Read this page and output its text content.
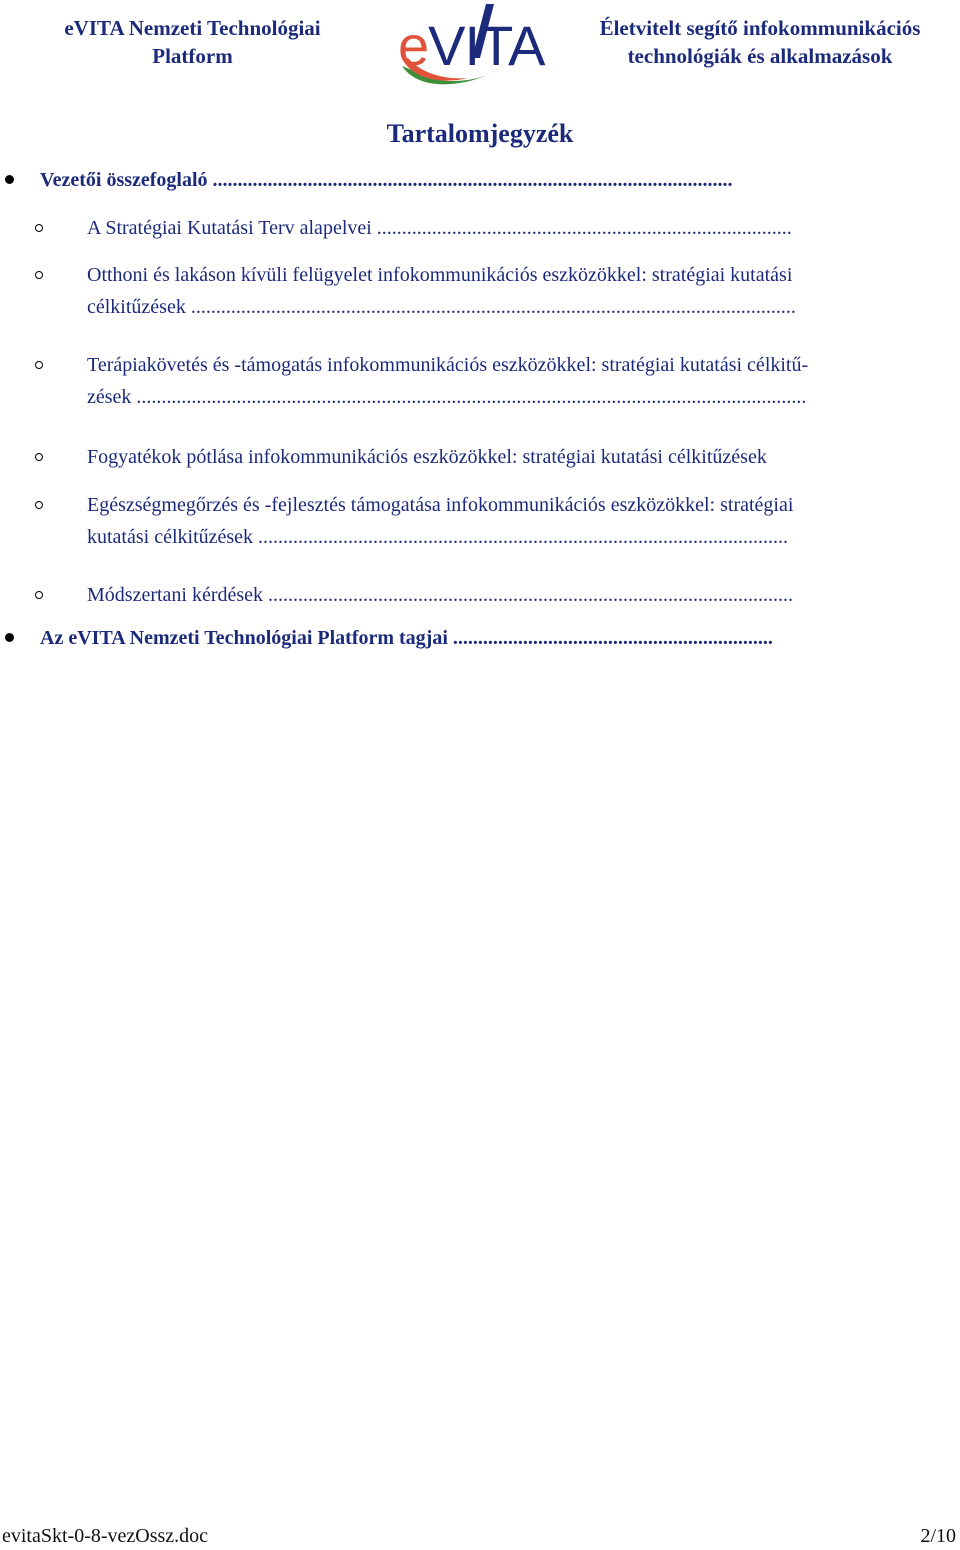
eVITA Nemzeti Technológiai
Platform	eVITA	Életvitelt segítő infokommunikációs
technológiák és alkalmazások
Tartalomjegyzék
Vezetői összefoglaló ........................................................................................................
A Stratégiai Kutatási Terv alapelvei ...................................................................................
Otthoni és lakáson kívüli felügyelet infokommunikációs eszközökkel: stratégiai kutatási
célkitűzések .........................................................................................................................
Terápiakövetés és -támogatás infokommunikációs eszközökkel: stratégiai kutatási célkitű-
zések ......................................................................................................................................
Fogyatékok pótlása infokommunikációs eszközökkel: stratégiai kutatási célkitűzések
Egészségmegőrzés és -fejlesztés támogatása infokommunikációs eszközökkel: stratégiai
kutatási célkitűzések ..........................................................................................................
Módszertani kérdések .........................................................................................................
Az eVITA Nemzeti Technológiai Platform tagjai ................................................................
evitaSkt-0-8-vezOssz.doc	2/10
